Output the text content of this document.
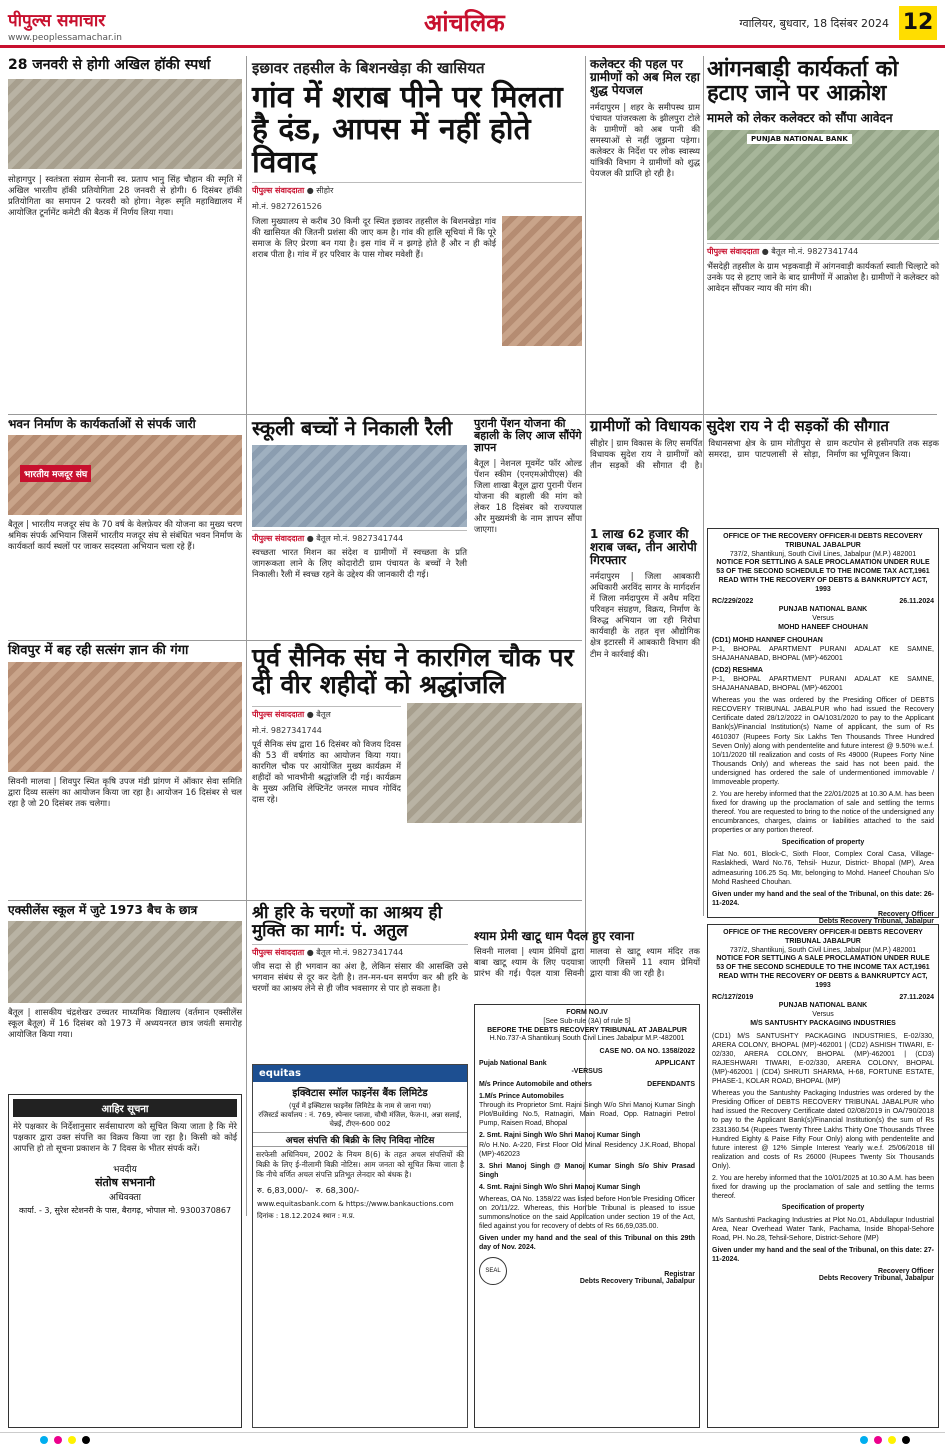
पीपुल्स समाचार
www.peoplessamachar.in
आंचलिक	ग्वालियर, बुधवार, 18 दिसंबर 2024 12
28 जनवरी से होगी अखिल हॉकी स्पर्धा
सोहागपुर | स्वतंत्रता संग्राम सेनानी स्व. प्रताप भानु सिंह चौहान की स्मृति में अखिल भारतीय हॉकी प्रतियोगिता 28 जनवरी से होगी। 6 दिसंबर हॉकी प्रतियोगिता का समापन 2 फरवरी को होगा। नेहरू स्मृति महाविद्यालय में आयोजित टूर्नामेंट कमेटी की बैठक में निर्णय लिया गया।
इछावर तहसील के बिशनखेड़ा की खासियत
गांव में शराब पीने पर मिलता है दंड, आपस में नहीं होते विवाद
पीपुल्स संवाददाता ● सीहोर
मो.नं. 9827261526
जिला मुख्यालय से करीब 30 किमी दूर स्थित इछावर तहसील के बिशनखेड़ा गांव की खासियत की जितनी प्रशंसा की जाए कम है। गांव की हालि सूचियां में कि पूरे समाज के लिए प्रेरणा बन गया है। इस गांव में न झगड़े होते हैं और न ही कोई शराब पीता है। गांव में हर परिवार के पास गोबर मवेशी हैं।
कलेक्टर की पहल पर ग्रामीणों को अब मिल रहा शुद्ध पेयजल
नर्मदापुरम | शहर के समीपस्थ ग्राम पंचायत पांजरकला के झीलपुरा टोले के ग्रामीणों को अब पानी की समस्याओं से नहीं जूझना पड़ेगा। कलेक्टर के निर्देश पर लोक स्वास्थ्य यांत्रिकी विभाग ने ग्रामीणों को शुद्ध पेयजल की प्राप्ति हो रही है।
आंगनबाड़ी कार्यकर्ता को हटाए जाने पर आक्रोश
मामले को लेकर कलेक्टर को सौंपा आवेदन
PUNJAB NATIONAL BANK
पीपुल्स संवाददाता ● बैतूल मो.नं. 9827341744
भैंसदेही तहसील के ग्राम भड़कवाड़ी में आंगनवाड़ी कार्यकर्ता स्वाती चिल्हाटे को उनके पद से हटाए जाने के बाद ग्रामीणों में आक्रोश है। ग्रामीणों ने कलेक्टर को आवेदन सौंपकर न्याय की मांग की।
भवन निर्माण के कार्यकर्ताओं से संपर्क जारी
भारतीय मजदूर संघ
बैतूल | भारतीय मजदूर संघ के 70 वर्ष के वेलफ़ेयर की योजना का मुख्य चरण श्रमिक संपर्क अभियान जिसमें भारतीय मजदूर संघ से संबंधित भवन निर्माण के कार्यकर्ता कार्य स्थलों पर जाकर सदस्यता अभियान चला रहे हैं।
स्कूली बच्चों ने निकाली रैली
पीपुल्स संवाददाता ● बैतूल मो.नं. 9827341744
स्वच्छता भारत मिशन का संदेश व ग्रामीणों में स्वच्छता के प्रति जागरूकता लाने के लिए कोदारोटी ग्राम पंचायत के बच्चों ने रैली निकाली। रैली में स्वच्छ रहने के उद्देश्य की जानकारी दी गई।
पुरानी पेंशन योजना की बहाली के लिए आज सौंपेंगे ज्ञापन
बैतूल | नेशनल मूवमेंट फॉर ओल्ड पेंशन स्कीम (एनएमओपीएस) की जिला शाखा बैतूल द्वारा पुरानी पेंशन योजना की बहाली की मांग को लेकर 18 दिसंबर को राज्यपाल और मुख्यमंत्री के नाम ज्ञापन सौंपा जाएगा।
ग्रामीणों को विधायक सुदेश राय ने दी सड़कों की सौगात
सीहोर | ग्राम विकास के लिए समर्पित विधायक सुदेश राय ने ग्रामीणों को तीन सड़कों की सौगात दी है। विधानसभा क्षेत्र के ग्राम मोतीपुरा से समरदा, ग्राम पाटपलासी से सोड़ा, ग्राम कटपोन से हसीनपति तक सड़क निर्माण का भूमिपूजन किया।
1 लाख 62 हजार की शराब जब्त, तीन आरोपी गिरफ्तार
नर्मदापुरम | जिला आबकारी अधिकारी अरविंद सागर के मार्गदर्शन में जिला नर्मदापुरम में अवैध मदिरा परिवहन संग्रहण, विक्रय, निर्माण के विरुद्ध अभियान जा रही निरोधा कार्यवाही के तहत वृत्त औद्योगिक क्षेत्र इटारसी में आबकारी विभाग की टीम ने कार्रवाई की।
OFFICE OF THE RECOVERY OFFICER-II DEBTS RECOVERY TRIBUNAL JABALPUR
737/2, Shantikunj, South Civil Lines, Jabalpur (M.P.) 482001
NOTICE FOR SETTLING A SALE PROCLAMATION UNDER RULE 53 OF THE SECOND SCHEDULE TO THE INCOME TAX ACT,1961 READ WITH THE RECOVERY OF DEBTS & BANKRUPTCY ACT, 1993
RC/229/2022	26.11.2024
PUNJAB NATIONAL BANK
Versus
MOHD HANEEF CHOUHAN
(CD1) MOHD HANNEF CHOUHAN
P-1, BHOPAL APARTMENT PURANI ADALAT KE SAMNE, SHAJAHANABAD, BHOPAL (MP)-462001
(CD2) RESHMA
P-1, BHOPAL APARTMENT PURANI ADALAT KE SAMNE, SHAJAHANABAD, BHOPAL (MP)-462001
Whereas you the was ordered by the Presiding Officer of DEBTS RECOVERY TRIBUNAL JABALPUR who had issued the Recovery Certificate dated 28/12/2022 in OA/1031/2020 to pay to the Applicant Bank(s)/Financial Institution(s) Name of applicant, the sum of Rs 4610307 (Rupees Forty Six Lakhs Ten Thousands Three Hundred Seven Only) along with pendentelite and future interest @ 9.50% w.e.f. 10/11/2020 till realization and costs of Rs 49000 (Rupees Forty Nine Thousands Only) and whereas the said has not been paid. the undersigned has ordered the sale of undermentioned immovable / Immoveable property.
2. You are hereby informed that the 22/01/2025 at 10.30 A.M. has been fixed for drawing up the proclamation of sale and settling the terms thereof. You are requested to bring to the notice of the undersigned any encumbrances, charges, claims or liabilities attached to the said properties or any portion thereof.
Specification of property
Flat No. 601, Block-C, Sixth Floor, Complex Coral Casa, Village- Raslakhedi, Ward No.76, Tehsil- Huzur, District- Bhopal (MP), Area admeasuring 106.25 Sq. Mtr, belonging to Mohd. Haneef Chouhan S/o Mohd Rasheed Chouhan.
Given under my hand and the seal of the Tribunal, on this date: 26-11-2024.
Recovery Officer
Debts Recovery Tribunal, Jabalpur
शिवपुर में बह रही सत्संग ज्ञान की गंगा
सिवनी मालवा | शिवपुर स्थित कृषि उपज मंडी प्रांगण में ऑकार सेवा समिति द्वारा दिव्य सत्संग का आयोजन किया जा रहा है। आयोजन 16 दिसंबर से चल रहा है जो 20 दिसंबर तक चलेगा।
पूर्व सैनिक संघ ने कारगिल चौक पर दी वीर शहीदों को श्रद्धांजलि
पीपुल्स संवाददाता ● बैतूल
मो.नं. 9827341744
पूर्व सैनिक संघ द्वारा 16 दिसंबर को विजय दिवस की 53 वीं वर्षगांठ का आयोजन किया गया। कारगिल चौक पर आयोजित मुख्य कार्यक्रम में शहीदों को भावभीनी श्रद्धांजलि दी गई। कार्यक्रम के मुख्य अतिथि लेफ्टिनेंट जनरल माधव गोविंद दास रहे।
श्याम प्रेमी खाटू धाम पैदल हुए रवाना
सिवनी मालवा | श्याम प्रेमियों द्वारा बाबा खाटू श्याम के लिए पदयात्रा प्रारंभ की गई। पैदल यात्रा सिवनी मालवा से खाटू श्याम मंदिर तक जाएगी जिसमें 11 श्याम प्रेमियों द्वारा यात्रा की जा रही है।
एक्सीलेंस स्कूल में जुटे 1973 बैच के छात्र
बैतूल | शासकीय चंद्रशेखर उच्चतर माध्यमिक विद्यालय (वर्तमान एक्सीलेंस स्कूल बैतूल) में 16 दिसंबर को 1973 में अध्ययनरत छात्र जयंती समारोह आयोजित किया गया।
श्री हरि के चरणों का आश्रय ही मुक्ति का मार्ग: पं. अतुल
पीपुल्स संवाददाता ● बैतूल मो.नं. 9827341744
जीव सदा से ही भगवान का अंश है, लेकिन संसार की आसक्ति उसे भगवान संबंध से दूर कर देती है। तन-मन-धन समर्पण कर श्री हरि के चरणों का आश्रय लेने से ही जीव भवसागर से पार हो सकता है।
आहिर सूचना
मेरे पक्षकार के निर्देशानुसार सर्वसाधारण को सूचित किया जाता है कि मेरे पक्षकार द्वारा उक्त संपत्ति का विक्रय किया जा रहा है। किसी को कोई आपत्ति हो तो सूचना प्रकाशन के 7 दिवस के भीतर संपर्क करें।
भवदीय
संतोष सभनानी
अधिवक्ता
कार्या. - 3, सुरेश स्टेशनरी के पास, बैरागढ़, भोपाल मो. 9300370867
equitas
इक्विटास स्मॉल फाइनेंस बैंक लिमिटेड
(पूर्व में इक्विटास फाइनेंस लिमिटेड के नाम से जाना गया)
रजिस्टर्ड कार्यालय : नं. 769, स्पेन्सर प्लाजा, चौथी मंजिल, फेज-II, अन्ना सलाई, चेन्नई, टीएन-600 002
अचल संपत्ति की बिक्री के लिए निविदा नोटिस
सरफेसी अधिनियम, 2002 के नियम 8(6) के तहत अचल संपत्तियों की बिक्री के लिए ई-नीलामी बिक्री नोटिस। आम जनता को सूचित किया जाता है कि नीचे वर्णित अचल संपत्ति प्रतिभूत लेनदार को बंधक है।
रु. 6,83,000/- रु. 68,300/-
www.equitasbank.com & https://www.bankauctions.com
दिनांक : 18.12.2024 स्थान : म.प्र.
FORM NO.IV
[See Sub-rule (3A) of rule 5]
BEFORE THE DEBTS RECOVERY TRIBUNAL AT JABALPUR
H.No.737-A Shantikunj South Civil Lines Jabalpur M.P.-482001
CASE NO. OA NO. 1358/2022
Pujab National Bank	APPLICANT
-VERSUS
M/s Prince Automobile and others	DEFENDANTS
1.M/s Prince Automobiles
Through its Proprietor Smt. Rajni Singh W/o Shri Manoj Kumar Singh Plot/Building No.5, Ratnagiri, Main Road, Opp. Ratnagiri Petrol Pump, Raisen Road, Bhopal
2. Smt. Rajni Singh W/o Shri Manoj Kumar Singh
R/o H.No. A-220, First Floor Old Minal Residency J.K.Road, Bhopal (MP)-462023
3. Shri Manoj Singh @ Manoj Kumar Singh S/o Shiv Prasad Singh
4. Smt. Rajni Singh W/o Shri Manoj Kumar Singh
Whereas, OA No. 1358/22 was listed before Hon'ble Presiding Officer on 20/11/22. Whereas, this Hon'ble Tribunal is pleased to issue summons/notice on the said Application under section 19 of the Act, filed against you for recovery of debts of Rs 66,69,035.00.
Given under my hand and the seal of this Tribunal on this 29th day of Nov. 2024.
SEAL	Registrar
Debts Recovery Tribunal, Jabalpur
OFFICE OF THE RECOVERY OFFICER-II DEBTS RECOVERY TRIBUNAL JABALPUR
737/2, Shantikunj, South Civil Lines, Jabalpur (M.P.) 482001
NOTICE FOR SETTLING A SALE PROCLAMATION UNDER RULE 53 OF THE SECOND SCHEDULE TO THE INCOME TAX ACT,1961 READ WITH THE RECOVERY OF DEBTS & BANKRUPTCY ACT, 1993
RC/127/2019	27.11.2024
PUNJAB NATIONAL BANK
Versus
M/S SANTUSHTY PACKAGING INDUSTRIES
(CD1) M/S SANTUSHTY PACKAGING INDUSTRIES, E-02/330, ARERA COLONY, BHOPAL (MP)-462001 | (CD2) ASHISH TIWARI, E-02/330, ARERA COLONY, BHOPAL (MP)-462001 | (CD3) RAJESHWARI TIWARI, E-02/330, ARERA COLONY, BHOPAL (MP)-462001 | (CD4) SHRUTI SHARMA, H-68, FORTUNE ESTATE, PHASE-1, KOLAR ROAD, BHOPAL (MP)
Whereas you the Santushty Packaging Industries was ordered by the Presiding Officer of DEBTS RECOVERY TRIBUNAL JABALPUR who had issued the Recovery Certificate dated 02/08/2019 in OA/790/2018 to pay to the Applicant Bank(s)/Financial Institution(s) the sum of Rs 2331360.54 (Rupees Twenty Three Lakhs Thirty One Thousands Three Hundred Eighty & Paise Fifty Four Only) along with pendentelite and future interest @ 12% Simple Interest Yearly w.e.f. 25/06/2018 till realization and costs of Rs 26000 (Rupees Twenty Six Thousands Only).
2. You are hereby informed that the 10/01/2025 at 10.30 A.M. has been fixed for drawing up the proclamation of sale and settling the terms thereof.
Specification of property
M/s Santushti Packaging Industries at Plot No.01, Abdullapur Industrial Area, Near Overhead Water Tank, Pachama, Inside Bhopal-Sehore Road, PH. No.28, Tehsil-Sehore, District-Sehore (MP)
Given under my hand and the seal of the Tribunal, on this date: 27-11-2024.
Recovery Officer
Debts Recovery Tribunal, Jabalpur
